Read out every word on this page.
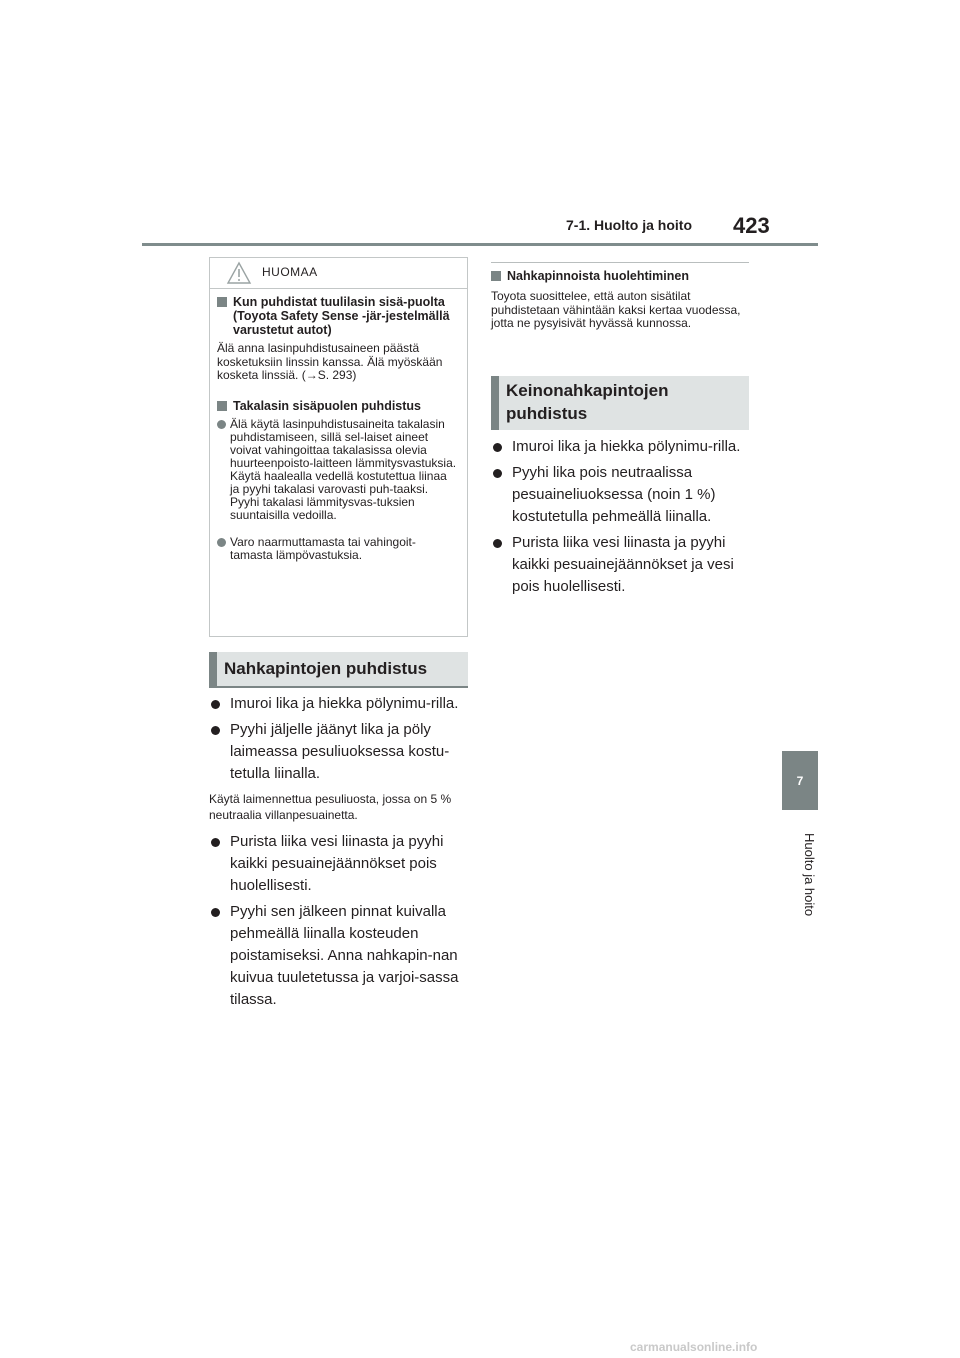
7-1. Huolto ja hoito 423
7
Huolto ja hoito
HUOMAA
Kun puhdistat tuulilasin sisä-puolta (Toyota Safety Sense -jär-jestelmällä varustetut autot)
Älä anna lasinpuhdistusaineen päästä kosketuksiin linssin kanssa. Älä myöskään kosketa linssiä. (→S. 293)
Takalasin sisäpuolen puhdistus
Älä käytä lasinpuhdistusaineita takalasin puhdistamiseen, sillä sel-laiset aineet voivat vahingoittaa takalasissa olevia huurteenpoisto-laitteen lämmitysvastuksia. Käytä haalealla vedellä kostutettua liinaa ja pyyhi takalasi varovasti puh-taaksi. Pyyhi takalasi lämmitysvas-tuksien suuntaisilla vedoilla.
Varo naarmuttamasta tai vahingoit-tamasta lämpövastuksia.
Nahkapintojen puhdistus
Imuroi lika ja hiekka pölynimu-rilla.
Pyyhi jäljelle jäänyt lika ja pöly laimeassa pesuliuoksessa kostu-tetulla liinalla.
Käytä laimennettua pesuliuosta, jossa on 5 % neutraalia villanpesuainetta.
Purista liika vesi liinasta ja pyyhi kaikki pesuainejäännökset pois huolellisesti.
Pyyhi sen jälkeen pinnat kuivalla pehmeällä liinalla kosteuden poistamiseksi. Anna nahkapin-nan kuivua tuuletetussa ja varjoi-sassa tilassa.
Nahkapinnoista huolehtiminen
Toyota suosittelee, että auton sisätilat puhdistetaan vähintään kaksi kertaa vuodessa, jotta ne pysyisivät hyvässä kunnossa.
Keinonahkapintojen puhdistus
Imuroi lika ja hiekka pölynimu-rilla.
Pyyhi lika pois neutraalissa pesuaineliuoksessa (noin 1 %) kostutetulla pehmeällä liinalla.
Purista liika vesi liinasta ja pyyhi kaikki pesuainejäännökset ja vesi pois huolellisesti.
carmanualsonline.info
